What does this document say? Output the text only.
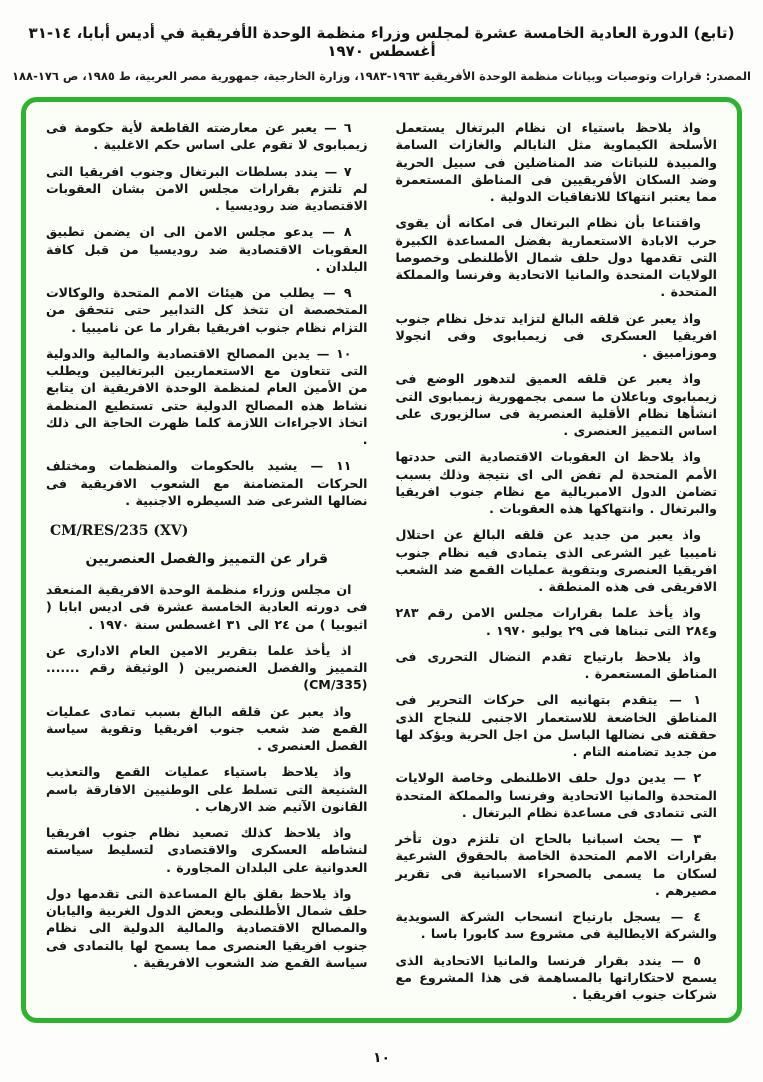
(تابع) الدورة العادية الخامسة عشرة لمجلس وزراء منظمة الوحدة الأفريقية في أديس أبابا، ١٤-٣١ أغسطس ١٩٧٠
المصدر: قرارات وتوصيات وبيانات منظمة الوحدة الأفريقية ١٩٦٣-١٩٨٣، وزارة الخارجية، جمهورية مصر العربية، ط ١٩٨٥، ص ١٧٦-١٨٨

واذ يلاحظ باستياء ان نظام البرتغال يستعمل الأسلحة الكيماوية مثل النابالم والغازات السامة والمبيدة للنباتات ضد المناضلين فى سبيل الحرية وضد السكان الأفريقيين فى المناطق المستعمرة مما يعتبر انتهاكا للاتفاقيات الدولية .

واقتناعا بأن نظام البرتغال فى امكانه أن يقوى حرب الابادة الاستعمارية بفضل المساعدة الكبيرة التى تقدمها دول حلف شمال الأطلنطى وخصوصا الولايات المتحدة والمانيا الاتحادية وفرنسا والمملكة المتحدة .

واذ يعبر عن قلقه البالغ لتزايد تدخل نظام جنوب افريقيا العسكرى فى زيمبابوى وفى انجولا وموزامبيق .

واذ يعبر عن قلقه العميق لتدهور الوضع فى زيمبابوى وباعلان ما سمى بجمهورية زيمبابوى التى انشأها نظام الأقلية العنصرية فى سالزيورى على اساس التمييز العنصرى .

واذ يلاحظ ان العقوبات الاقتصادية التى حددتها الأمم المتحدة لم تفض الى اى نتيجة وذلك بسبب تضامن الدول الامبريالية مع نظام جنوب افريقيا والبرتغال . وانتهاكها هذه العقوبات .

واذ يعبر من جديد عن قلقه البالغ عن احتلال ناميبيا غير الشرعى الذى يتمادى فيه نظام جنوب افريقيا العنصرى وبتقوية عمليات القمع ضد الشعب الافريقى فى هذه المنطقة .

واذ يأخذ علما بقرارات مجلس الامن رقم ٢٨٣ و٢٨٤ التى تبناها فى ٢٩ يوليو ١٩٧٠ .

واذ يلاحظ بارتياح تقدم النضال التحررى فى المناطق المستعمرة .

١ — يتقدم بتهانيه الى حركات التحرير فى المناطق الخاضعة للاستعمار الاجنبى للنجاح الذى حققته فى نضالها الباسل من اجل الحرية ويؤكد لها من جديد تضامنه التام .

٢ — يدين دول حلف الاطلنطى وخاصة الولايات المتحدة والمانيا الاتحادية وفرنسا والمملكة المتحدة التى تتمادى فى مساعدة نظام البرتغال .

٣ — يحث اسبانيا بالحاح ان تلتزم دون تأخر بقرارات الامم المتحدة الخاصة بالحقوق الشرعية لسكان ما يسمى بالصحراء الاسبانية فى تقرير مصيرهم .

٤ — يسجل بارتياح انسحاب الشركة السويدية والشركة الايطالية فى مشروع سد كابورا باسا .

٥ — يندد بقرار فرنسا والمانيا الاتحادية الذى يسمح لاحتكاراتها بالمساهمة فى هذا المشروع مع شركات جنوب افريقيا .

٦ — يعبر عن معارضته القاطعة لأية حكومة فى زيمبابوى لا تقوم على اساس حكم الاغلبية .

٧ — يندد بسلطات البرتغال وجنوب افريقيا التى لم تلتزم بقرارات مجلس الامن بشان العقوبات الاقتصادية ضد روديسيا .

٨ — يدعو مجلس الامن الى ان يضمن تطبيق العقوبات الاقتصادية ضد روديسيا من قبل كافة البلدان .

٩ — يطلب من هيئات الامم المتحدة والوكالات المتخصصة ان تتخذ كل التدابير حتى تتحقق من التزام نظام جنوب افريقيا بقرار ما عن ناميبيا .

١٠ — يدين المصالح الاقتصادية والمالية والدولية التى تتعاون مع الاستعماريين البرتغاليين ويطلب من الأمين العام لمنظمة الوحدة الافريقية ان يتابع نشاط هذه المصالح الدولية حتى تستطيع المنظمة اتخاذ الاجراءات اللازمة كلما ظهرت الحاجة الى ذلك .

١١ — يشيد بالحكومات والمنظمات ومختلف الحركات المتضامنة مع الشعوب الافريقية فى نضالها الشرعى ضد السيطره الاجنبية .

CM/RES/235 (XV)
قرار عن التمييز والفصل العنصريين

ان مجلس وزراء منظمة الوحدة الافريقية المنعقد فى دورته العادية الخامسة عشرة فى اديس ابابا ( اثيوبيا ) من ٢٤ الى ٣١ اغسطس سنة ١٩٧٠ .

اذ يأخذ علما بتقرير الامين العام الادارى عن التمييز والفصل العنصريين ( الوثيقة رقم ....... (CM/335)

واذ يعبر عن قلقه البالغ بسبب تمادى عمليات القمع ضد شعب جنوب افريقيا وتقوية سياسة الفصل العنصرى .

واذ يلاحظ باستياء عمليات القمع والتعذيب الشنيعة التى تسلط على الوطنيين الافارقة باسم القانون الآثيم ضد الارهاب .

واذ يلاحظ كذلك تصعيد نظام جنوب افريقيا لنشاطه العسكرى والاقتصادى لتسليط سياسته العدوانية على البلدان المجاورة .

واذ يلاحظ بقلق بالغ المساعدة التى تقدمها دول حلف شمال الأطلنطى وبعض الدول الغربية واليابان والمصالح الاقتصادية والمالية الدولية الى نظام جنوب افريقيا العنصرى مما يسمح لها بالتمادى فى سياسة القمع ضد الشعوب الافريقية .

١٠
